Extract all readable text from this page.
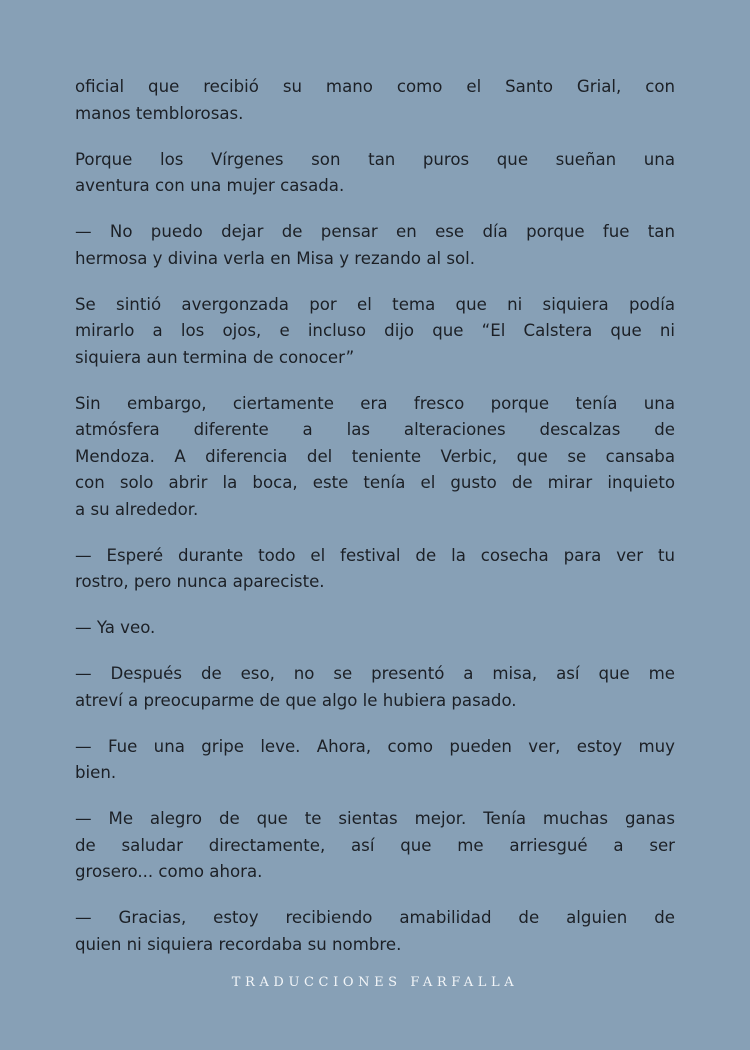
oficial que recibió su mano como el Santo Grial, con
manos temblorosas.

Porque los Vírgenes son tan puros que sueñan una
aventura con una mujer casada.

— No puedo dejar de pensar en ese día porque fue tan
hermosa y divina verla en Misa y rezando al sol.

Se sintió avergonzada por el tema que ni siquiera podía
mirarlo a los ojos, e incluso dijo que “El Calstera que ni
siquiera aun termina de conocer”

Sin embargo, ciertamente era fresco porque tenía una
atmósfera diferente a las alteraciones descalzas de
Mendoza. A diferencia del teniente Verbic, que se cansaba
con solo abrir la boca, este tenía el gusto de mirar inquieto
a su alrededor.

— Esperé durante todo el festival de la cosecha para ver tu
rostro, pero nunca apareciste.

— Ya veo.

— Después de eso, no se presentó a misa, así que me
atreví a preocuparme de que algo le hubiera pasado.

— Fue una gripe leve. Ahora, como pueden ver, estoy muy
bien.

— Me alegro de que te sientas mejor. Tenía muchas ganas
de saludar directamente, así que me arriesgué a ser
grosero... como ahora.

— Gracias, estoy recibiendo amabilidad de alguien de
quien ni siquiera recordaba su nombre.

TRADUCCIONES FARFALLA
